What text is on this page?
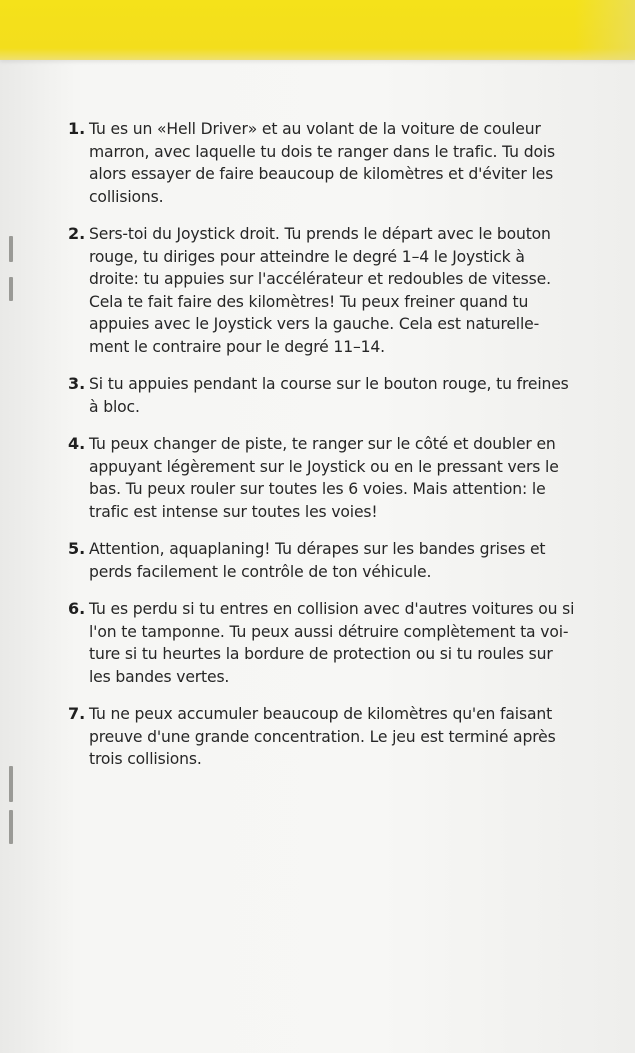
1. Tu es un «Hell Driver» et au volant de la voiture de couleur
marron, avec laquelle tu dois te ranger dans le trafic. Tu dois
alors essayer de faire beaucoup de kilomètres et d'éviter les
collisions.
2. Sers-toi du Joystick droit. Tu prends le départ avec le bouton
rouge, tu diriges pour atteindre le degré 1–4 le Joystick à
droite: tu appuies sur l'accélérateur et redoubles de vitesse.
Cela te fait faire des kilomètres! Tu peux freiner quand tu
appuies avec le Joystick vers la gauche. Cela est naturelle-
ment le contraire pour le degré 11–14.
3. Si tu appuies pendant la course sur le bouton rouge, tu freines
à bloc.
4. Tu peux changer de piste, te ranger sur le côté et doubler en
appuyant légèrement sur le Joystick ou en le pressant vers le
bas. Tu peux rouler sur toutes les 6 voies. Mais attention: le
trafic est intense sur toutes les voies!
5. Attention, aquaplaning! Tu dérapes sur les bandes grises et
perds facilement le contrôle de ton véhicule.
6. Tu es perdu si tu entres en collision avec d'autres voitures ou si
l'on te tamponne. Tu peux aussi détruire complètement ta voi-
ture si tu heurtes la bordure de protection ou si tu roules sur
les bandes vertes.
7. Tu ne peux accumuler beaucoup de kilomètres qu'en faisant
preuve d'une grande concentration. Le jeu est terminé après
trois collisions.
